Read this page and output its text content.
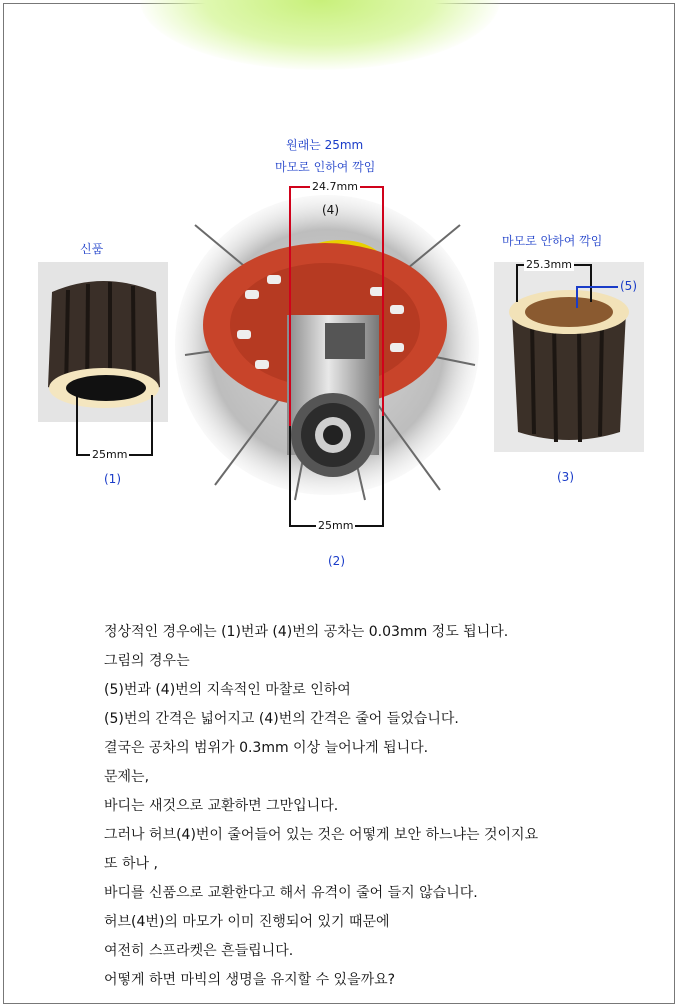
원래는 25mm
마모로 인하여 깍임
24.7mm
(4)
25mm
(2)
신품
25mm
(1)
마모로 안하여 깍임
25.3mm
(5)
(3)
정상적인 경우에는 (1)번과 (4)번의 공차는 0.03mm 정도 됩니다.
그림의 경우는
(5)번과 (4)번의 지속적인 마찰로 인하여
(5)번의 간격은 넓어지고 (4)번의 간격은 줄어 들었습니다.
결국은 공차의 범위가 0.3mm 이상 늘어나게 됩니다.
문제는,
바디는 새것으로 교환하면 그만입니다.
그러나 허브(4)번이 줄어들어 있는 것은 어떻게 보안 하느냐는 것이지요
또 하나 ,
바디를 신품으로 교환한다고 해서 유격이 줄어 들지 않습니다.
허브(4번)의 마모가 이미 진행되어 있기 때문에
여전히 스프라켓은 흔들립니다.
어떻게 하면 마빅의 생명을 유지할 수 있을까요?
